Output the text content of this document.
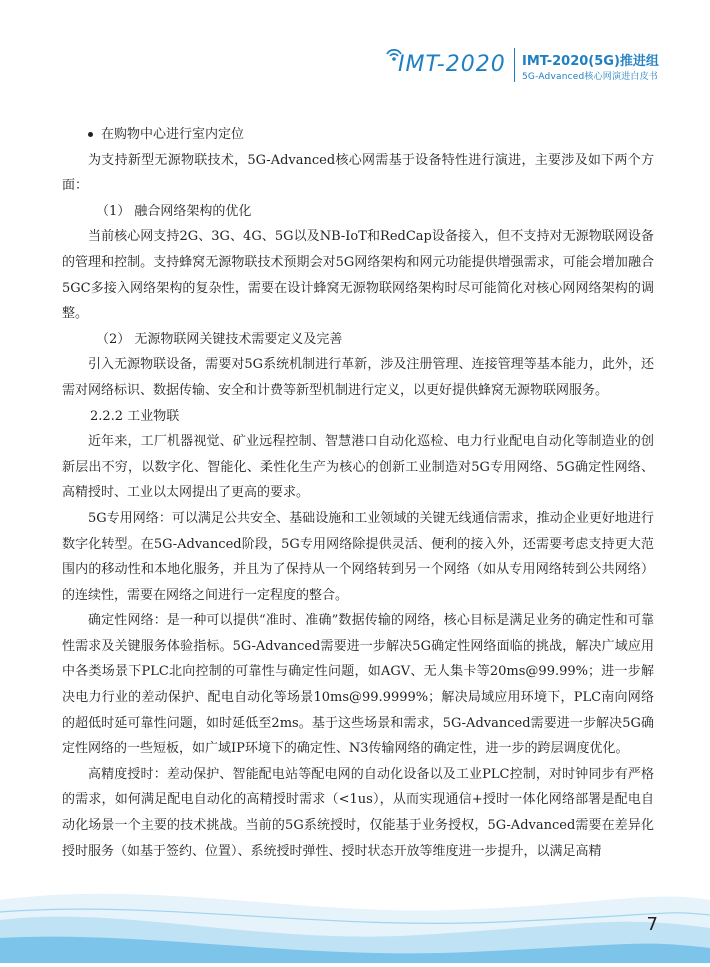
IMT-2020 IMT-2020(5G)推进组
5G-Advanced核心网演进白皮书
在购物中心进行室内定位

为支持新型无源物联技术，5G-Advanced核心网需基于设备特性进行演进，主要涉及如下两个方面：

（1） 融合网络架构的优化

当前核心网支持2G、3G、4G、5G以及NB-IoT和RedCap设备接入，但不支持对无源物联网设备的管理和控制。支持蜂窝无源物联技术预期会对5G网络架构和网元功能提供增强需求，可能会增加融合5GC多接入网络架构的复杂性，需要在设计蜂窝无源物联网络架构时尽可能简化对核心网网络架构的调整。

（2） 无源物联网关键技术需要定义及完善

引入无源物联设备，需要对5G系统机制进行革新，涉及注册管理、连接管理等基本能力，此外，还需对网络标识、数据传输、安全和计费等新型机制进行定义，以更好提供蜂窝无源物联网服务。

2.2.2 工业物联

近年来，工厂机器视觉、矿业远程控制、智慧港口自动化巡检、电力行业配电自动化等制造业的创新层出不穷，以数字化、智能化、柔性化生产为核心的创新工业制造对5G专用网络、5G确定性网络、高精授时、工业以太网提出了更高的要求。

5G专用网络：可以满足公共安全、基础设施和工业领域的关键无线通信需求，推动企业更好地进行数字化转型。在5G-Advanced阶段，5G专用网络除提供灵活、便利的接入外，还需要考虑支持更大范围内的移动性和本地化服务，并且为了保持从一个网络转到另一个网络（如从专用网络转到公共网络）的连续性，需要在网络之间进行一定程度的整合。

确定性网络：是一种可以提供“准时、准确”数据传输的网络，核心目标是满足业务的确定性和可靠性需求及关键服务体验指标。5G-Advanced需要进一步解决5G确定性网络面临的挑战，解决广域应用中各类场景下PLC北向控制的可靠性与确定性问题，如AGV、无人集卡等20ms@99.99%；进一步解决电力行业的差动保护、配电自动化等场景10ms@99.9999%；解决局域应用环境下，PLC南向网络的超低时延可靠性问题，如时延低至2ms。基于这些场景和需求，5G-Advanced需要进一步解决5G确定性网络的一些短板，如广域IP环境下的确定性、N3传输网络的确定性，进一步的跨层调度优化。

高精度授时：差动保护、智能配电站等配电网的自动化设备以及工业PLC控制，对时钟同步有严格的需求，如何满足配电自动化的高精授时需求（<1us），从而实现通信+授时一体化网络部署是配电自动化场景一个主要的技术挑战。当前的5G系统授时，仅能基于业务授权，5G-Advanced需要在差异化授时服务（如基于签约、位置）、系统授时弹性、授时状态开放等维度进一步提升，以满足高精

7
